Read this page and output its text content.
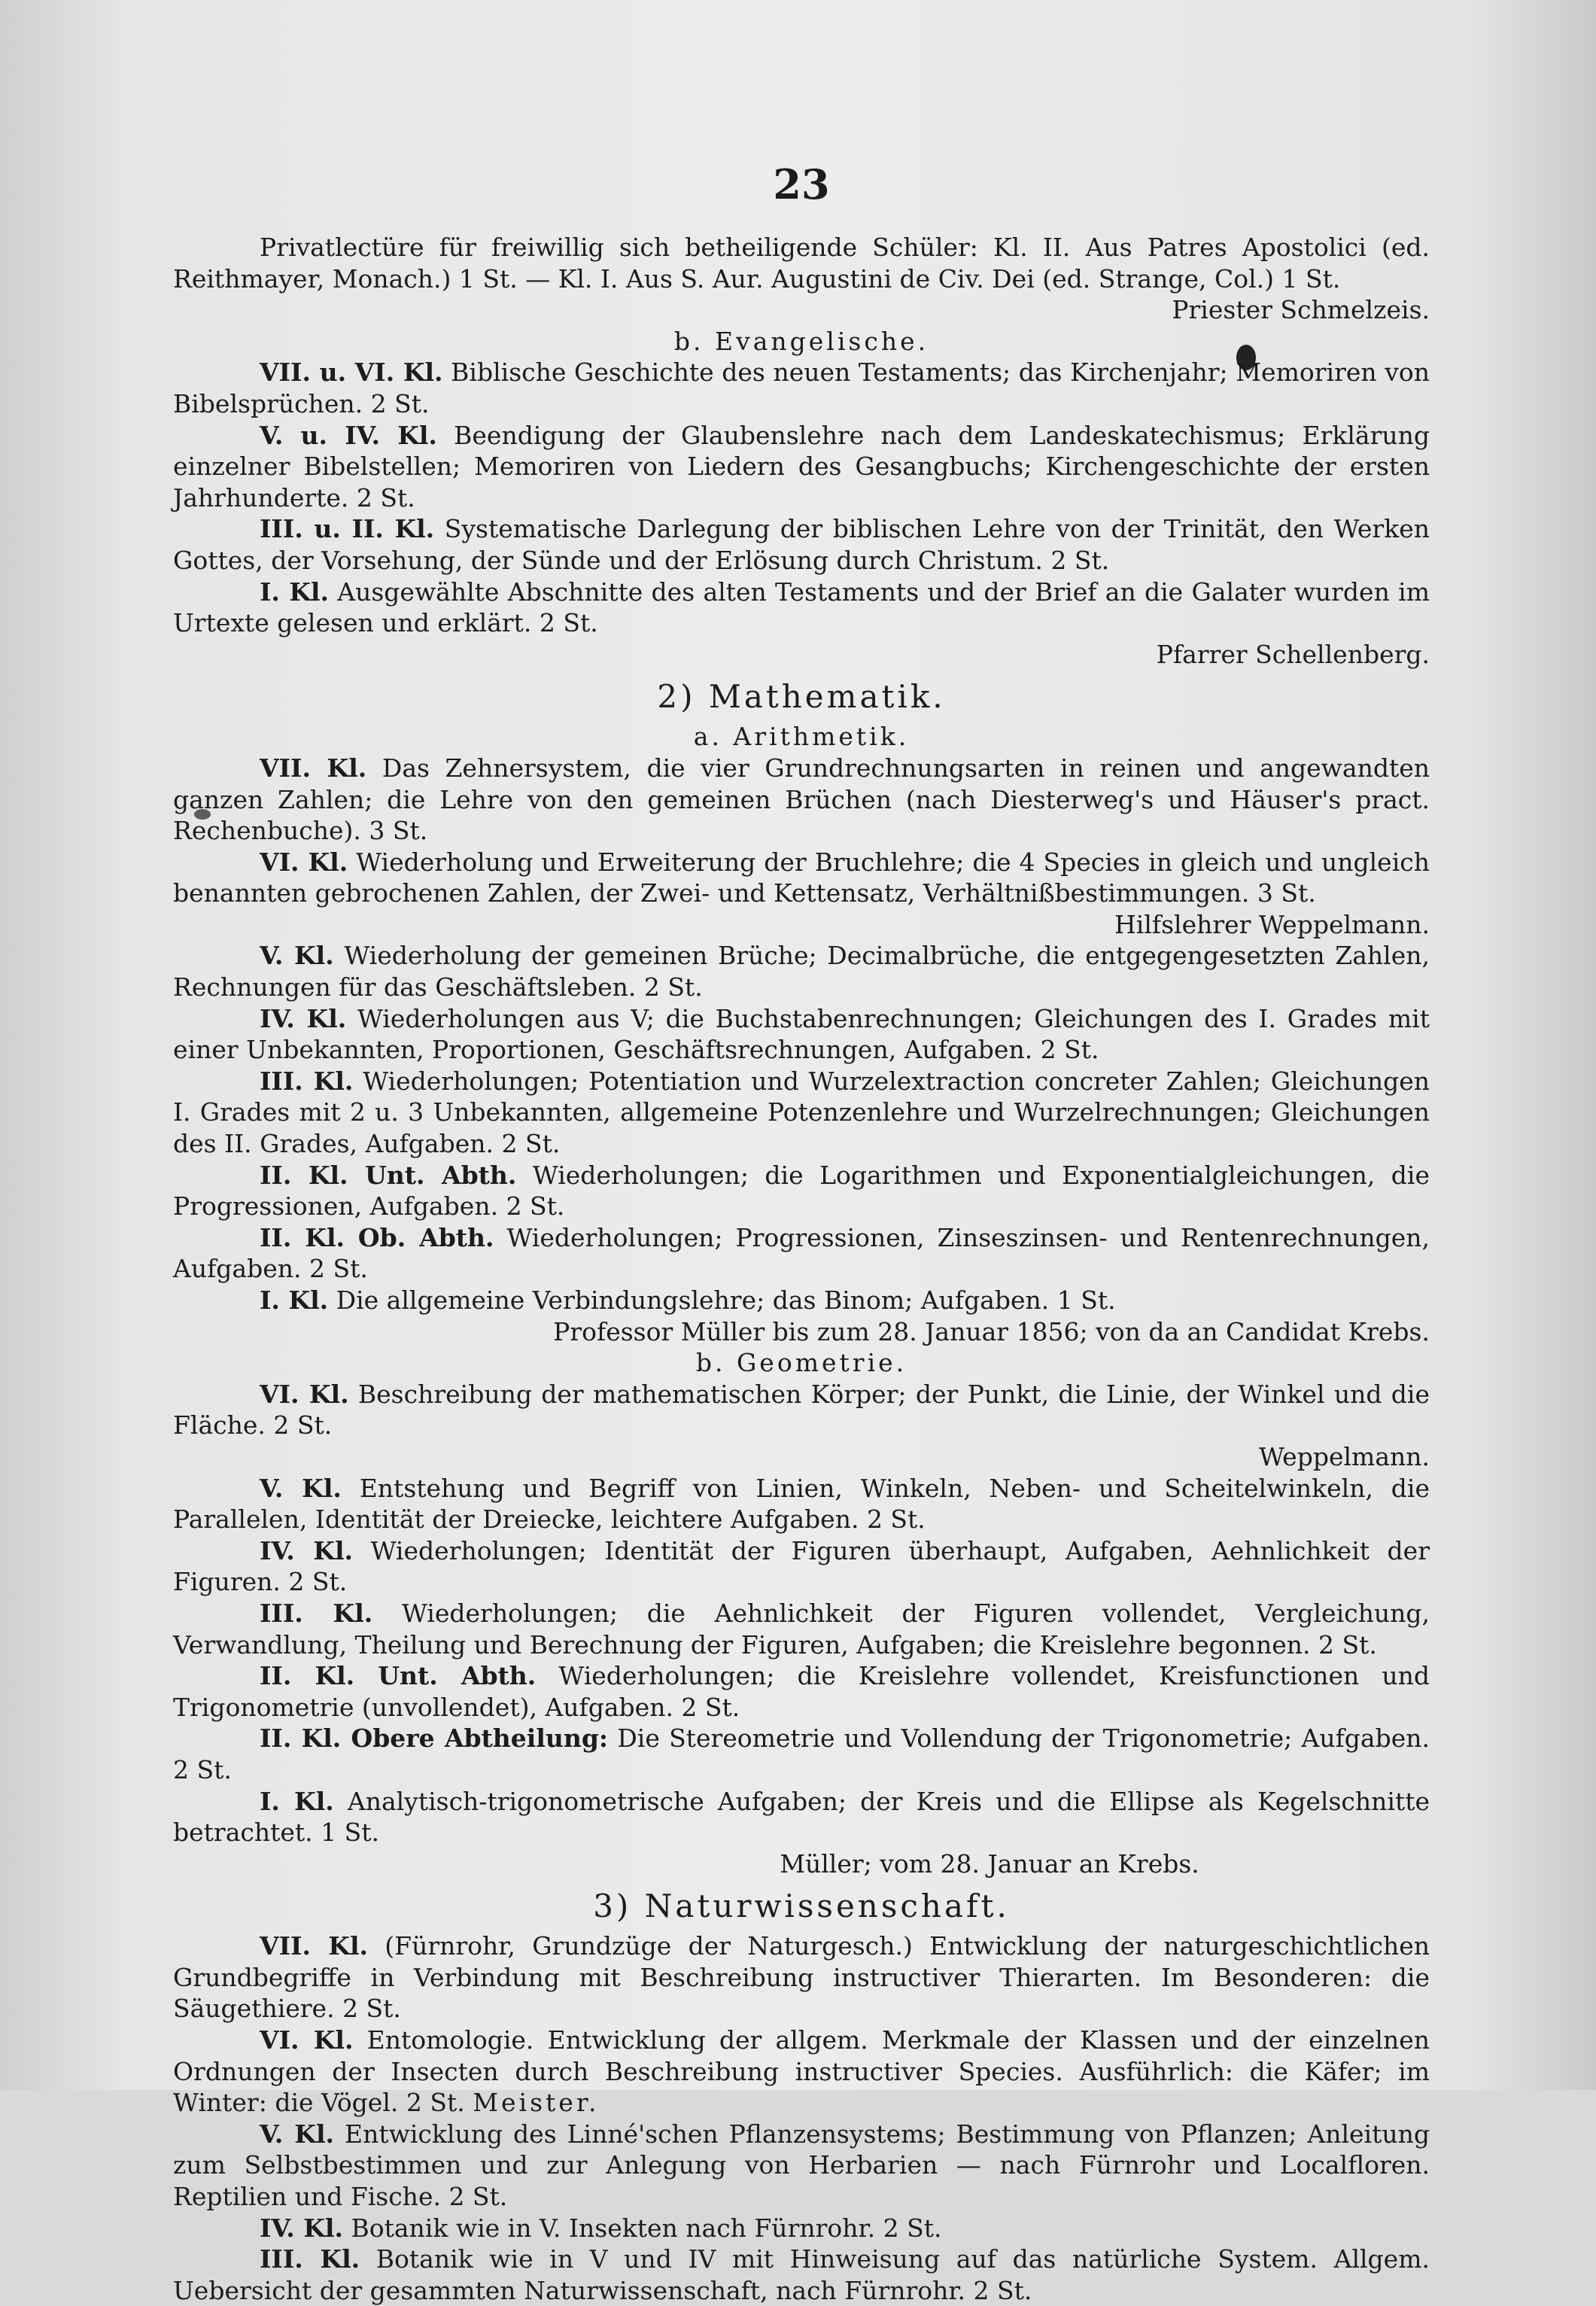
23

Privatlectüre für freiwillig sich betheiligende Schüler: Kl. II. Aus Patres Apostolici (ed. Reithmayer, Monach.) 1 St. — Kl. I. Aus S. Aur. Augustini de Civ. Dei (ed. Strange, Col.) 1 St.

Priester Schmelzeis.

b. Evangelische.

VII. u. VI. Kl. Biblische Geschichte des neuen Testaments; das Kirchenjahr; Memoriren von Bibelsprüchen. 2 St.

V. u. IV. Kl. Beendigung der Glaubenslehre nach dem Landeskatechismus; Erklärung einzelner Bibelstellen; Memoriren von Liedern des Gesangbuchs; Kirchengeschichte der ersten Jahrhunderte. 2 St.

III. u. II. Kl. Systematische Darlegung der biblischen Lehre von der Trinität, den Werken Gottes, der Vorsehung, der Sünde und der Erlösung durch Christum. 2 St.

I. Kl. Ausgewählte Abschnitte des alten Testaments und der Brief an die Galater wurden im Urtexte gelesen und erklärt. 2 St.

Pfarrer Schellenberg.

2) Mathematik.

a. Arithmetik.

VII. Kl. Das Zehnersystem, die vier Grundrechnungsarten in reinen und angewandten ganzen Zahlen; die Lehre von den gemeinen Brüchen (nach Diesterweg's und Häuser's pract. Rechenbuche). 3 St.

VI. Kl. Wiederholung und Erweiterung der Bruchlehre; die 4 Species in gleich und ungleich benannten gebrochenen Zahlen, der Zwei- und Kettensatz, Verhältnißbestimmungen. 3 St.

Hilfslehrer Weppelmann.

V. Kl. Wiederholung der gemeinen Brüche; Decimalbrüche, die entgegengesetzten Zahlen, Rechnungen für das Geschäftsleben. 2 St.

IV. Kl. Wiederholungen aus V; die Buchstabenrechnungen; Gleichungen des I. Grades mit einer Unbekannten, Proportionen, Geschäftsrechnungen, Aufgaben. 2 St.

III. Kl. Wiederholungen; Potentiation und Wurzelextraction concreter Zahlen; Gleichungen I. Grades mit 2 u. 3 Unbekannten, allgemeine Potenzenlehre und Wurzelrechnungen; Gleichungen des II. Grades, Aufgaben. 2 St.

II. Kl. Unt. Abth. Wiederholungen; die Logarithmen und Exponentialgleichungen, die Progressionen, Aufgaben. 2 St.

II. Kl. Ob. Abth. Wiederholungen; Progressionen, Zinseszinsen- und Rentenrechnungen, Aufgaben. 2 St.

I. Kl. Die allgemeine Verbindungslehre; das Binom; Aufgaben. 1 St.

Professor Müller bis zum 28. Januar 1856; von da an Candidat Krebs.

b. Geometrie.

VI. Kl. Beschreibung der mathematischen Körper; der Punkt, die Linie, der Winkel und die Fläche. 2 St.

Weppelmann.

V. Kl. Entstehung und Begriff von Linien, Winkeln, Neben- und Scheitelwinkeln, die Parallelen, Identität der Dreiecke, leichtere Aufgaben. 2 St.

IV. Kl. Wiederholungen; Identität der Figuren überhaupt, Aufgaben, Aehnlichkeit der Figuren. 2 St.

III. Kl. Wiederholungen; die Aehnlichkeit der Figuren vollendet, Vergleichung, Verwandlung, Theilung und Berechnung der Figuren, Aufgaben; die Kreislehre begonnen. 2 St.

II. Kl. Unt. Abth. Wiederholungen; die Kreislehre vollendet, Kreisfunctionen und Trigonometrie (unvollendet), Aufgaben. 2 St.

II. Kl. Obere Abtheilung: Die Stereometrie und Vollendung der Trigonometrie; Aufgaben. 2 St.

I. Kl. Analytisch-trigonometrische Aufgaben; der Kreis und die Ellipse als Kegelschnitte betrachtet. 1 St.

Müller; vom 28. Januar an Krebs.

3) Naturwissenschaft.

VII. Kl. (Fürnrohr, Grundzüge der Naturgesch.) Entwicklung der naturgeschichtlichen Grundbegriffe in Verbindung mit Beschreibung instructiver Thierarten. Im Besonderen: die Säugethiere. 2 St.

VI. Kl. Entomologie. Entwicklung der allgem. Merkmale der Klassen und der einzelnen Ordnungen der Insecten durch Beschreibung instructiver Species. Ausführlich: die Käfer; im Winter: die Vögel. 2 St. Meister.

V. Kl. Entwicklung des Linné'schen Pflanzensystems; Bestimmung von Pflanzen; Anleitung zum Selbstbestimmen und zur Anlegung von Herbarien — nach Fürnrohr und Localfloren. Reptilien und Fische. 2 St.

IV. Kl. Botanik wie in V. Insekten nach Fürnrohr. 2 St.

III. Kl. Botanik wie in V und IV mit Hinweisung auf das natürliche System. Allgem. Uebersicht der gesammten Naturwissenschaft, nach Fürnrohr. 2 St.
